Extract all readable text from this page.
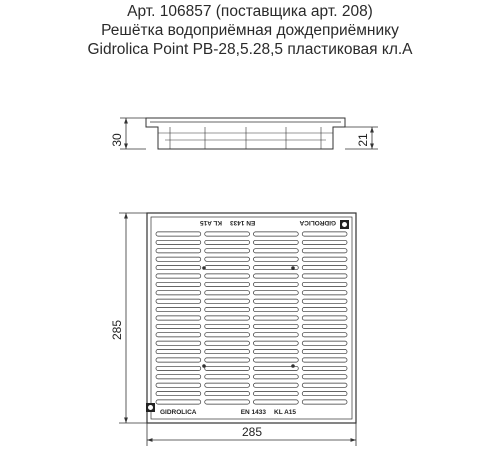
Арт. 106857 (поставщика арт. 208)
Решётка водоприёмная дождеприёмнику
Gidrolica Point РВ-28,5.28,5 пластиковая кл.А
30	21
GIDROLICA	EN 1433 KL A15
GIDROLICA
EN 1433
KL A15
285
285
